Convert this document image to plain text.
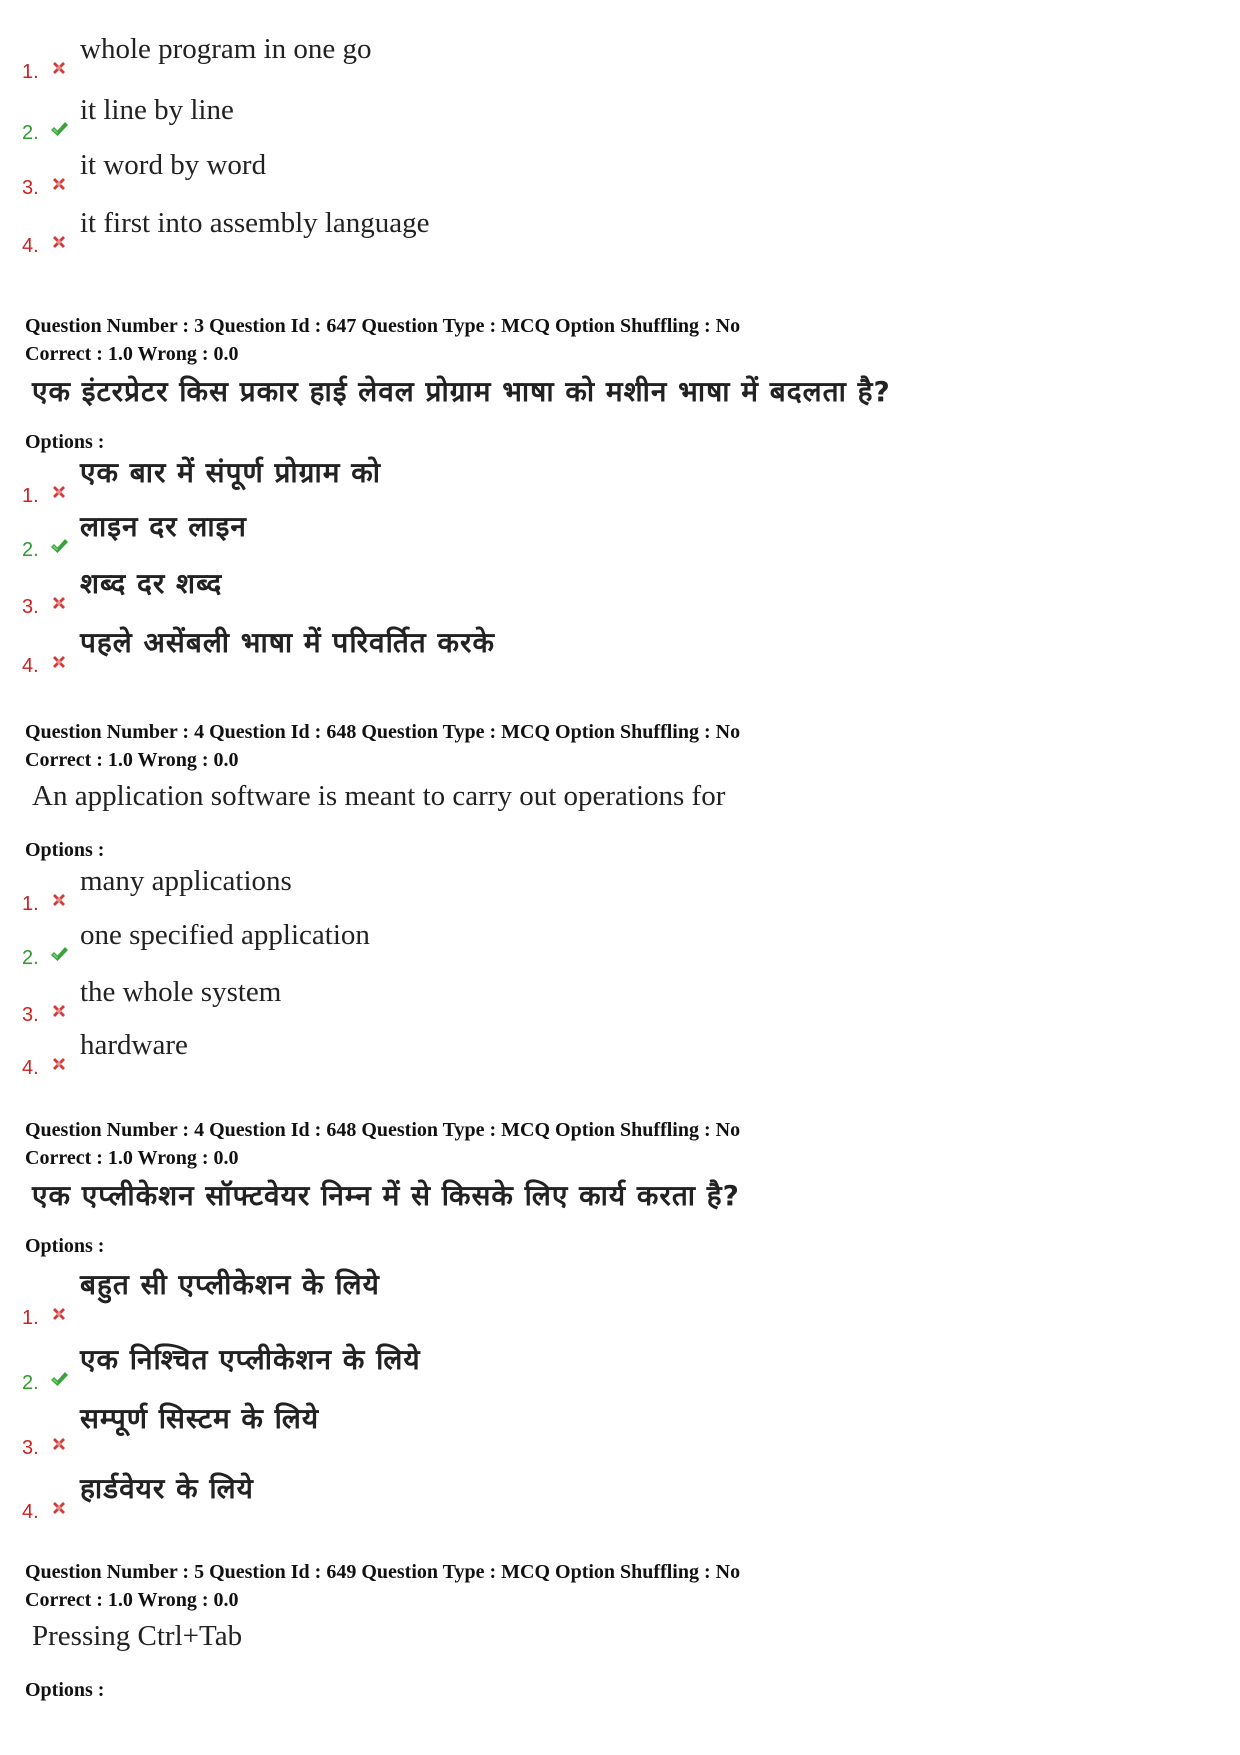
1.
whole program in one go
2.
it line by line
3.
it word by word
4.
it first into assembly language
Question Number : 3 Question Id : 647 Question Type : MCQ Option Shuffling : No
Correct : 1.0 Wrong : 0.0
एक इंटरप्रेटर किस प्रकार हाई लेवल प्रोग्राम भाषा को मशीन भाषा में बदलता है?
Options :
1.
एक बार में संपूर्ण प्रोग्राम को
2.
लाइन दर लाइन
3.
शब्द दर शब्द
4.
पहले असेंबली भाषा में परिवर्तित करके
Question Number : 4 Question Id : 648 Question Type : MCQ Option Shuffling : No
Correct : 1.0 Wrong : 0.0
An application software is meant to carry out operations for
Options :
1.
many applications
2.
one specified application
3.
the whole system
4.
hardware
Question Number : 4 Question Id : 648 Question Type : MCQ Option Shuffling : No
Correct : 1.0 Wrong : 0.0
एक एप्लीकेशन सॉफ्टवेयर निम्न में से किसके लिए कार्य करता है?
Options :
1.
बहुत सी एप्लीकेशन के लिये
2.
एक निश्चित एप्लीकेशन के लिये
3.
सम्पूर्ण सिस्टम के लिये
4.
हार्डवेयर के लिये
Question Number : 5 Question Id : 649 Question Type : MCQ Option Shuffling : No
Correct : 1.0 Wrong : 0.0
Pressing Ctrl+Tab
Options :
